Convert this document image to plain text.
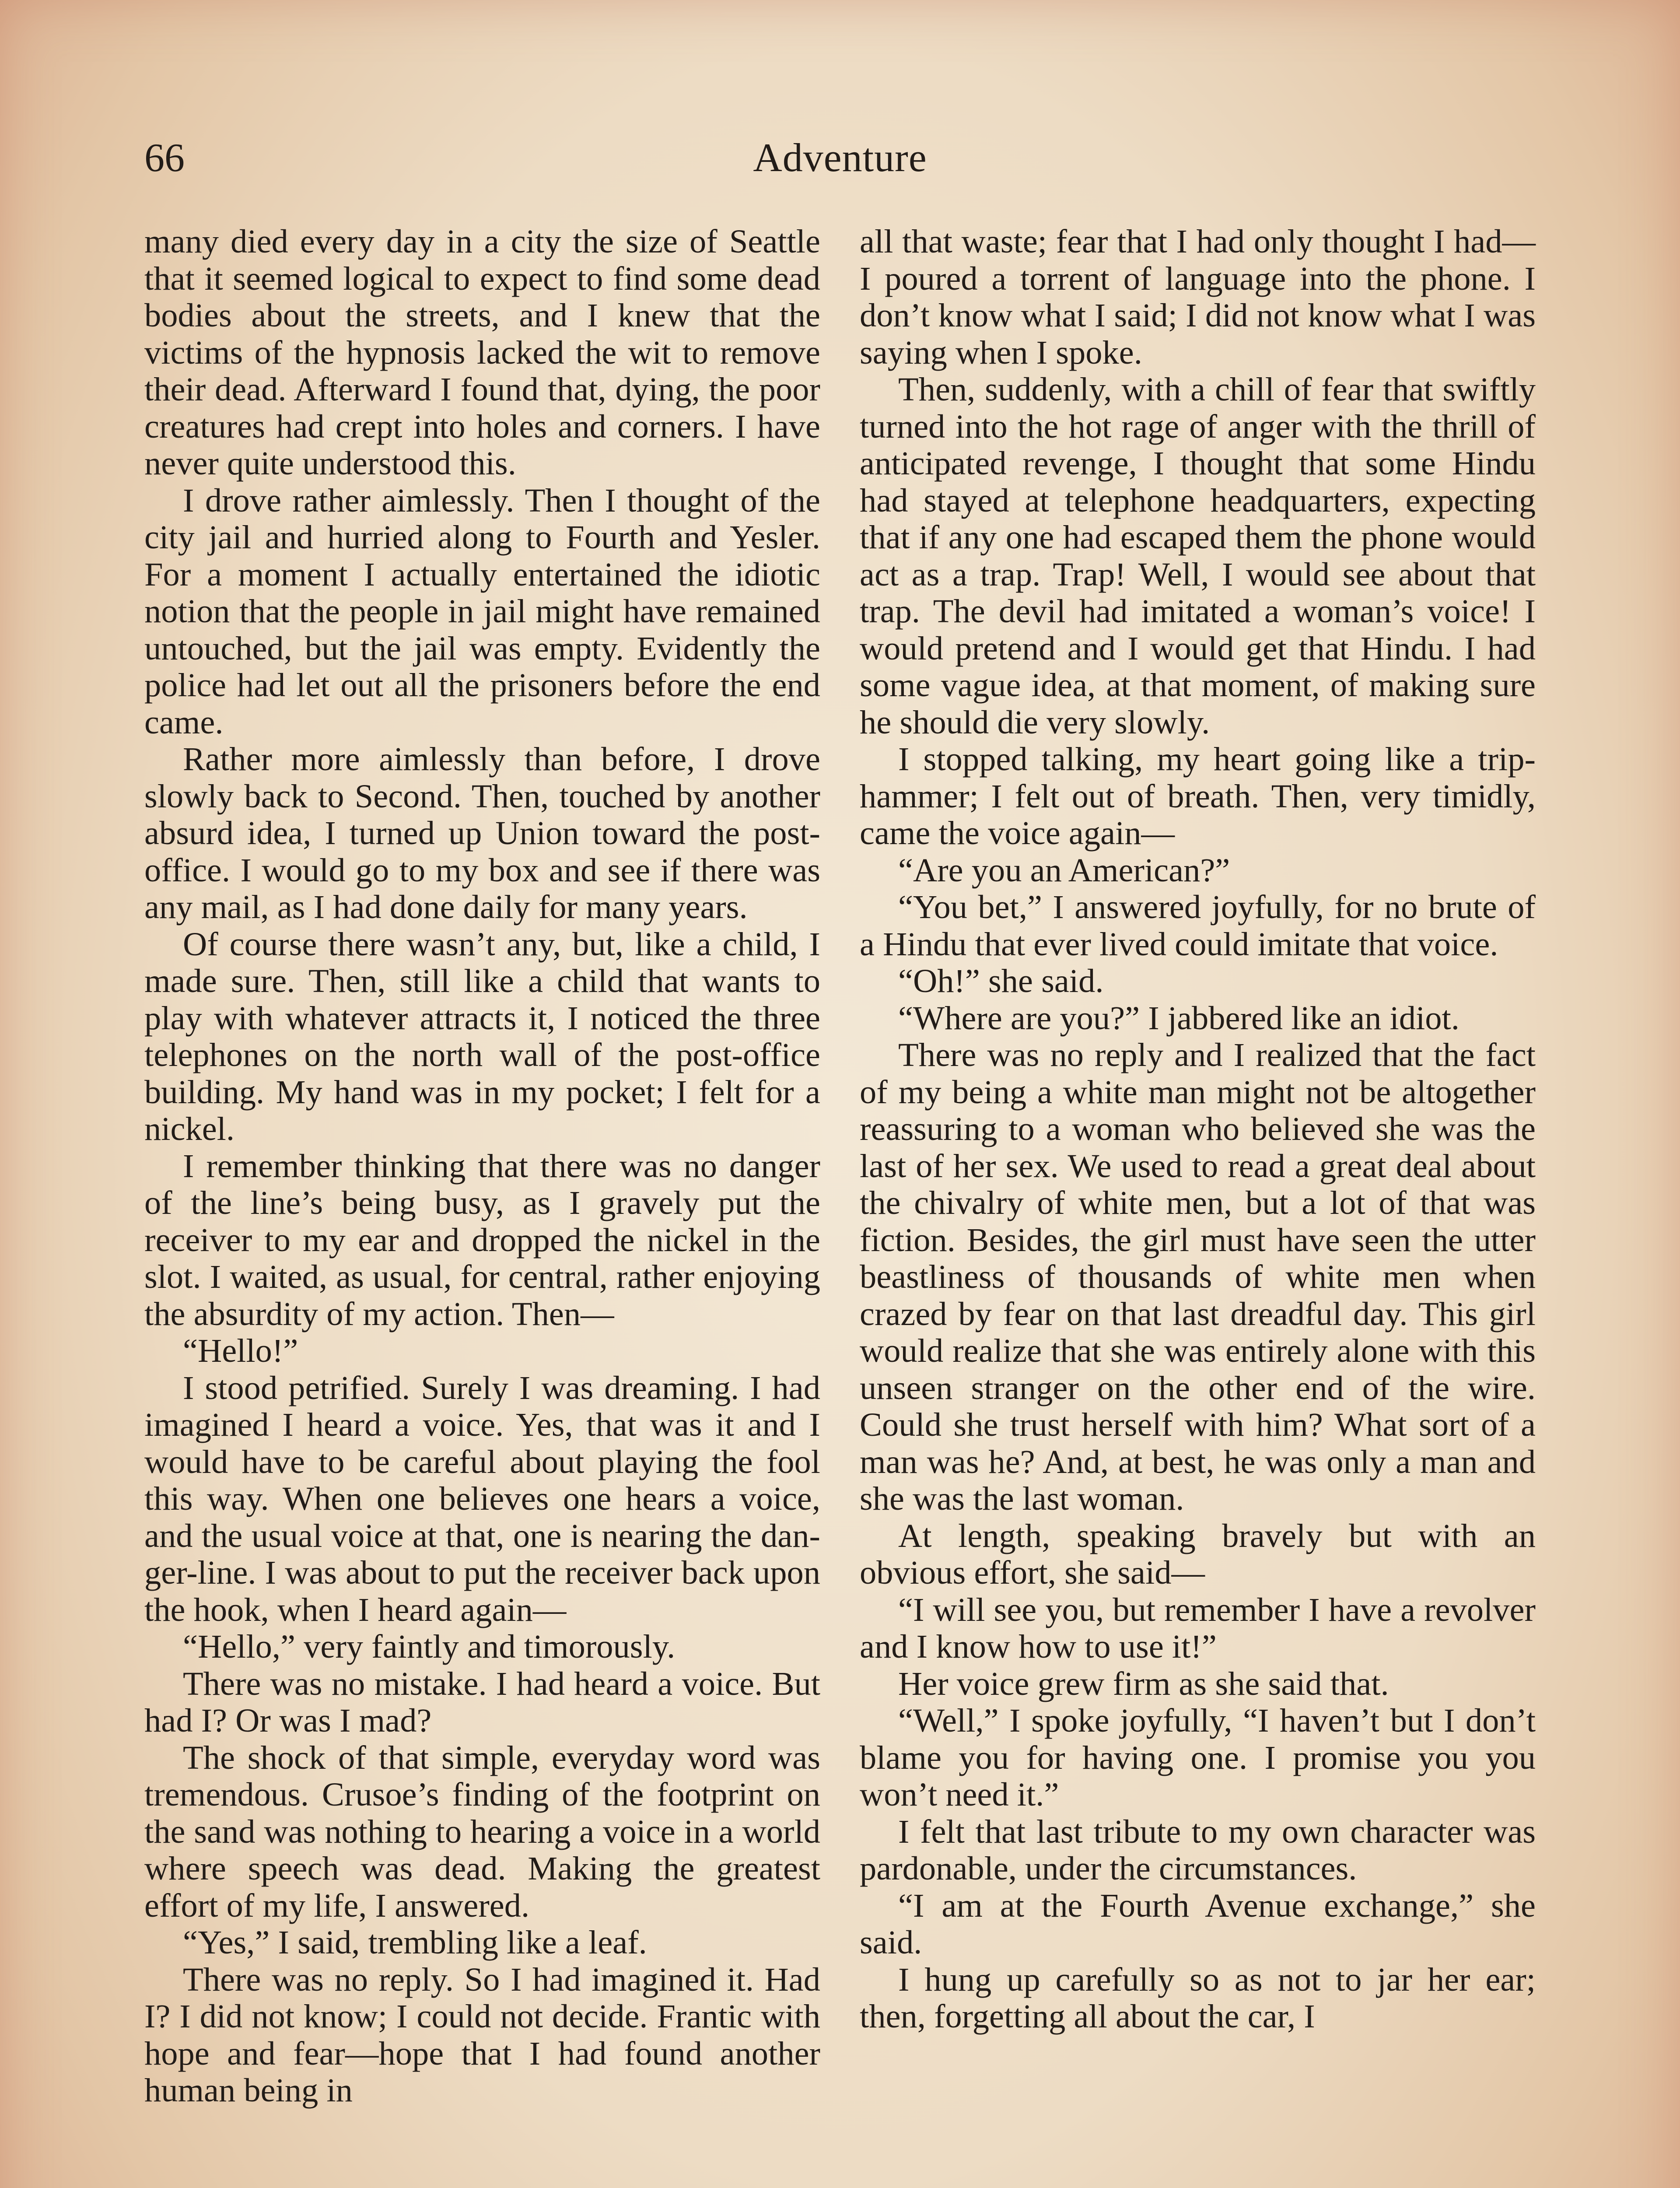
66	Adventure

many died every day in a city the size of Seattle that it seemed logical to expect to find some dead bodies about the streets, and I knew that the victims of the hypnosis lacked the wit to remove their dead. Afterward I found that, dying, the poor creatures had crept into holes and corners. I have never quite understood this.

I drove rather aimlessly. Then I thought of the city jail and hurried along to Fourth and Yesler. For a moment I actually entertained the idiotic notion that the people in jail might have remained untouched, but the jail was empty. Evidently the police had let out all the prisoners before the end came.

Rather more aimlessly than before, I drove slowly back to Second. Then, touched by another absurd idea, I turned up Union toward the post-office. I would go to my box and see if there was any mail, as I had done daily for many years.

Of course there wasn’t any, but, like a child, I made sure. Then, still like a child that wants to play with whatever attracts it, I noticed the three telephones on the north wall of the post-office building. My hand was in my pocket; I felt for a nickel.

I remember thinking that there was no danger of the line’s being busy, as I gravely put the receiver to my ear and dropped the nickel in the slot. I waited, as usual, for central, rather enjoying the absurdity of my action. Then—

“Hello!”

I stood petrified. Surely I was dreaming. I had imagined I heard a voice. Yes, that was it and I would have to be careful about playing the fool this way. When one believes one hears a voice, and the usual voice at that, one is nearing the danger-line. I was about to put the receiver back upon the hook, when I heard again—

“Hello,” very faintly and timorously.

There was no mistake. I had heard a voice. But had I? Or was I mad?

The shock of that simple, everyday word was tremendous. Crusoe’s finding of the footprint on the sand was nothing to hearing a voice in a world where speech was dead. Making the greatest effort of my life, I answered.

“Yes,” I said, trembling like a leaf.

There was no reply. So I had imagined it. Had I? I did not know; I could not decide. Frantic with hope and fear—hope that I had found another human being in

all that waste; fear that I had only thought I had—I poured a torrent of language into the phone. I don’t know what I said; I did not know what I was saying when I spoke.

Then, suddenly, with a chill of fear that swiftly turned into the hot rage of anger with the thrill of anticipated revenge, I thought that some Hindu had stayed at telephone headquarters, expecting that if any one had escaped them the phone would act as a trap. Trap! Well, I would see about that trap. The devil had imitated a woman’s voice! I would pretend and I would get that Hindu. I had some vague idea, at that moment, of making sure he should die very slowly.

I stopped talking, my heart going like a trip-hammer; I felt out of breath. Then, very timidly, came the voice again—

“Are you an American?”

“You bet,” I answered joyfully, for no brute of a Hindu that ever lived could imitate that voice.

“Oh!” she said.

“Where are you?” I jabbered like an idiot.

There was no reply and I realized that the fact of my being a white man might not be altogether reassuring to a woman who believed she was the last of her sex. We used to read a great deal about the chivalry of white men, but a lot of that was fiction. Besides, the girl must have seen the utter beastliness of thousands of white men when crazed by fear on that last dreadful day. This girl would realize that she was entirely alone with this unseen stranger on the other end of the wire. Could she trust herself with him? What sort of a man was he? And, at best, he was only a man and she was the last woman.

At length, speaking bravely but with an obvious effort, she said—

“I will see you, but remember I have a revolver and I know how to use it!”

Her voice grew firm as she said that.

“Well,” I spoke joyfully, “I haven’t but I don’t blame you for having one. I promise you you won’t need it.”

I felt that last tribute to my own character was pardonable, under the circumstances.

“I am at the Fourth Avenue exchange,” she said.

I hung up carefully so as not to jar her ear; then, forgetting all about the car, I
